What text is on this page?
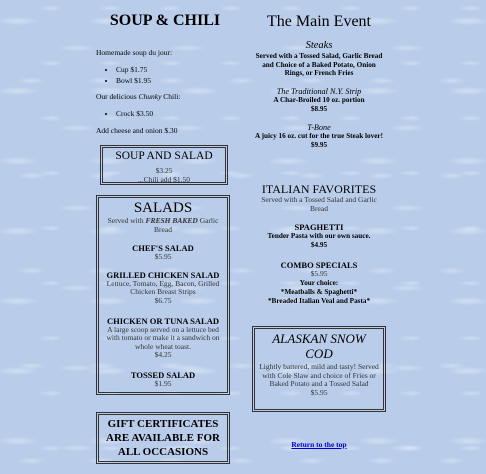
SOUP & CHILI
Homemade soup du jour:
• Cup $1.75
• Bowl $1.95
Our delicious Chunky Chili:
• Crock $3.50
Add cheese and onion $.30
SOUP AND SALAD
$3.25
...Chili add $1.50
SALADS
Served with FRESH BAKED Garlic Bread
CHEF'S SALAD
$5.95
GRILLED CHICKEN SALAD
Lettuce, Tomato, Egg, Bacon, Grilled Chicken Breast Strips
$6.75
CHICKEN OR TUNA SALAD
A large scoop served on a lettuce bed with tomato or make it a sandwich on whole wheat toast.
$4.25
TOSSED SALAD
$1.95
GIFT CERTIFICATES ARE AVAILABLE FOR ALL OCCASIONS
The Main Event
Steaks
Served with a Tossed Salad, Garlic Bread and Choice of a Baked Potato, Onion Rings, or French Fries
The Traditional N.Y. Strip
A Char-Broiled 10 oz. portion
$8.95
T-Bone
A juicy 16 oz. cut for the true Steak lover!
$9.95
ITALIAN FAVORITES
Served with a Tossed Salad and Garlic Bread
SPAGHETTI
Tender Pasta with our own sauce.
$4.95
COMBO SPECIALS
$5.95
Your choice:
*Meatballs & Spaghetti*
*Breaded Italian Veal and Pasta*
ALASKAN SNOW COD
Lightly battered, mild and tasty! Served with Cole Slaw and choice of Fries or Baked Potato and a Tossed Salad
$5.95
Return to the top
